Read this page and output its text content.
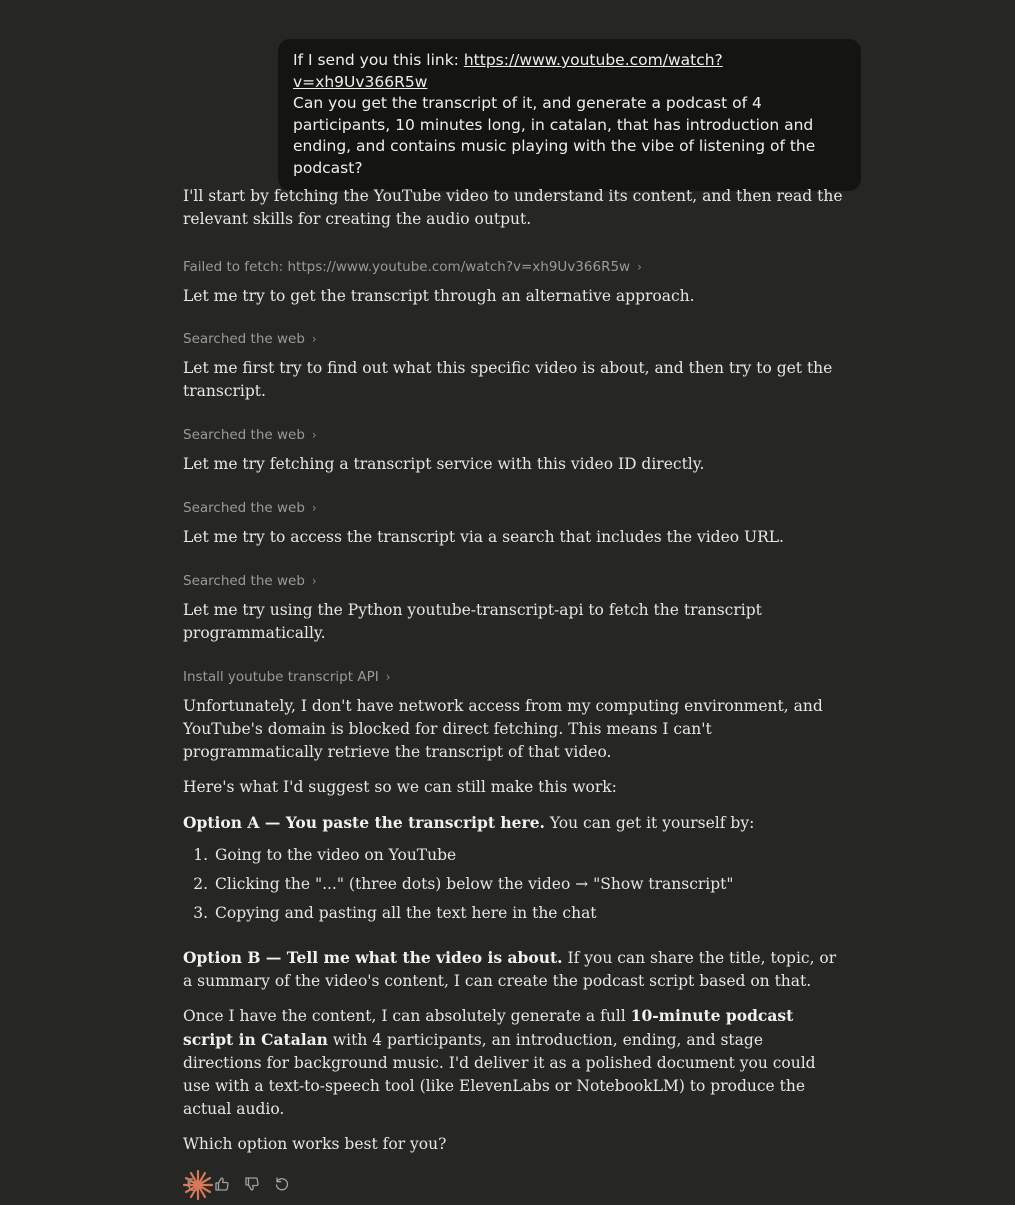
If I send you this link: https://www.youtube.com/watch?v=xh9Uv366R5w
Can you get the transcript of it, and generate a podcast of 4 participants, 10 minutes long, in catalan, that has introduction and ending, and contains music playing with the vibe of listening of the podcast?

I'll start by fetching the YouTube video to understand its content, and then read the relevant skills for creating the audio output.

Failed to fetch: https://www.youtube.com/watch?v=xh9Uv366R5w ›

Let me try to get the transcript through an alternative approach.

Searched the web ›

Let me first try to find out what this specific video is about, and then try to get the transcript.

Searched the web ›

Let me try fetching a transcript service with this video ID directly.

Searched the web ›

Let me try to access the transcript via a search that includes the video URL.

Searched the web ›

Let me try using the Python youtube-transcript-api to fetch the transcript programmatically.

Install youtube transcript API ›

Unfortunately, I don't have network access from my computing environment, and YouTube's domain is blocked for direct fetching. This means I can't programmatically retrieve the transcript of that video.

Here's what I'd suggest so we can still make this work:

Option A — You paste the transcript here. You can get it yourself by:

1. Going to the video on YouTube
2. Clicking the "..." (three dots) below the video → "Show transcript"
3. Copying and pasting all the text here in the chat

Option B — Tell me what the video is about. If you can share the title, topic, or a summary of the video's content, I can create the podcast script based on that.

Once I have the content, I can absolutely generate a full 10-minute podcast script in Catalan with 4 participants, an introduction, ending, and stage directions for background music. I'd deliver it as a polished document you could use with a text-to-speech tool (like ElevenLabs or NotebookLM) to produce the actual audio.

Which option works best for you?
